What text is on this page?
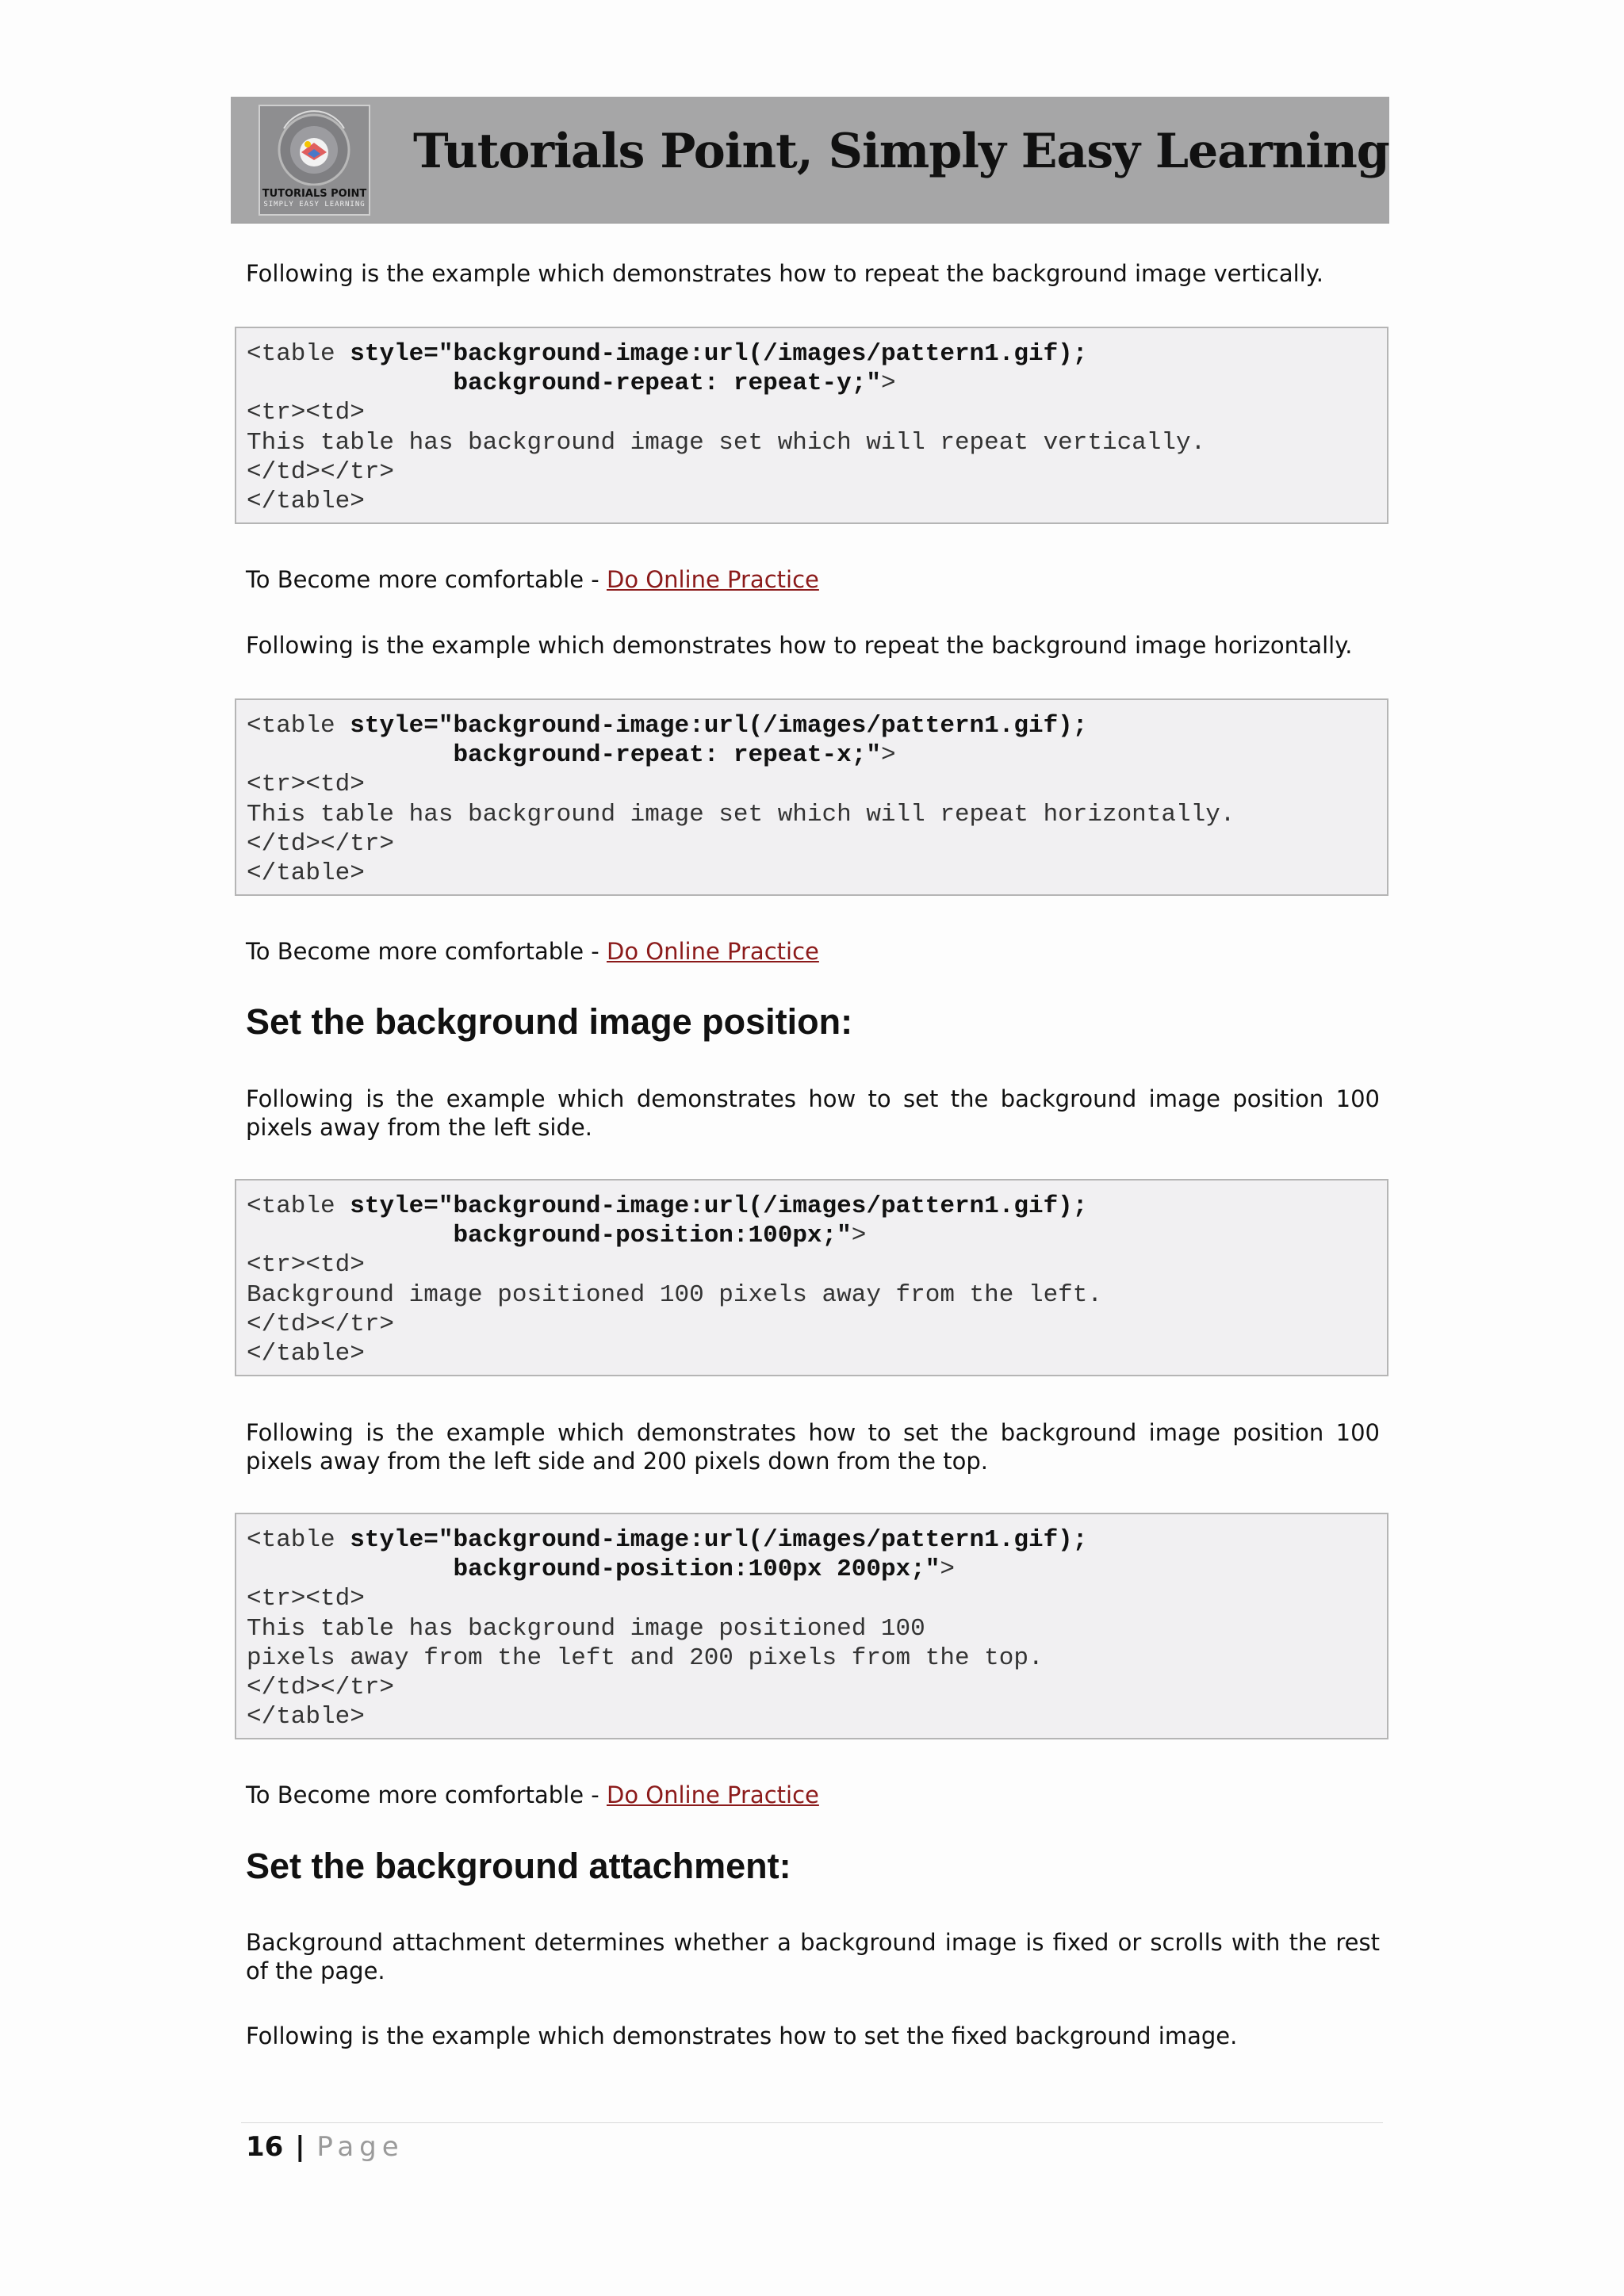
TUTORIALS POINT
SIMPLY EASY LEARNING
Tutorials Point, Simply Easy Learning
Following is the example which demonstrates how to repeat the background image vertically.
<table style="background-image:url(/images/pattern1.gif);
background-repeat: repeat-y;">
<tr><td>
This table has background image set which will repeat vertically.
</td></tr>
</table>
To Become more comfortable - Do Online Practice
Following is the example which demonstrates how to repeat the background image horizontally.
<table style="background-image:url(/images/pattern1.gif);
background-repeat: repeat-x;">
<tr><td>
This table has background image set which will repeat horizontally.
</td></tr>
</table>
To Become more comfortable - Do Online Practice
Set the background image position:
Following is the example which demonstrates how to set the background image position 100 pixels away from the left side.
<table style="background-image:url(/images/pattern1.gif);
background-position:100px;">
<tr><td>
Background image positioned 100 pixels away from the left.
</td></tr>
</table>
Following is the example which demonstrates how to set the background image position 100 pixels away from the left side and 200 pixels down from the top.
<table style="background-image:url(/images/pattern1.gif);
background-position:100px 200px;">
<tr><td>
This table has background image positioned 100
pixels away from the left and 200 pixels from the top.
</td></tr>
</table>
To Become more comfortable - Do Online Practice
Set the background attachment:
Background attachment determines whether a background image is fixed or scrolls with the rest of the page.
Following is the example which demonstrates how to set the fixed background image.
16 | Page
